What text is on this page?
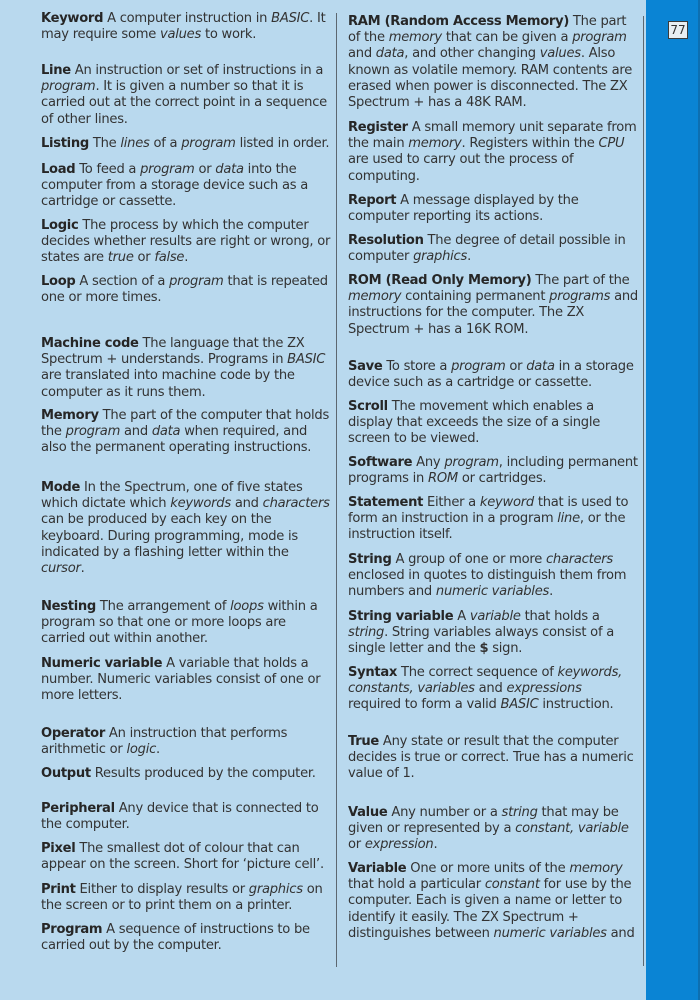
77

Keyword A computer instruction in BASIC. It may require some values to work.

Line An instruction or set of instructions in a program. It is given a number so that it is carried out at the correct point in a sequence of other lines.

Listing The lines of a program listed in order.

Load To feed a program or data into the computer from a storage device such as a cartridge or cassette.

Logic The process by which the computer decides whether results are right or wrong, or states are true or false.

Loop A section of a program that is repeated one or more times.

Machine code The language that the ZX Spectrum + understands. Programs in BASIC are translated into machine code by the computer as it runs them.

Memory The part of the computer that holds the program and data when required, and also the permanent operating instructions.

Mode In the Spectrum, one of five states which dictate which keywords and characters can be produced by each key on the keyboard. During programming, mode is indicated by a flashing letter within the cursor.

Nesting The arrangement of loops within a program so that one or more loops are carried out within another.

Numeric variable A variable that holds a number. Numeric variables consist of one or more letters.

Operator An instruction that performs arithmetic or logic.

Output Results produced by the computer.

Peripheral Any device that is connected to the computer.

Pixel The smallest dot of colour that can appear on the screen. Short for ‘picture cell’.

Print Either to display results or graphics on the screen or to print them on a printer.

Program A sequence of instructions to be carried out by the computer.

RAM (Random Access Memory) The part of the memory that can be given a program and data, and other changing values. Also known as volatile memory. RAM contents are erased when power is disconnected. The ZX Spectrum + has a 48K RAM.

Register A small memory unit separate from the main memory. Registers within the CPU are used to carry out the process of computing.

Report A message displayed by the computer reporting its actions.

Resolution The degree of detail possible in computer graphics.

ROM (Read Only Memory) The part of the memory containing permanent programs and instructions for the computer. The ZX Spectrum + has a 16K ROM.

Save To store a program or data in a storage device such as a cartridge or cassette.

Scroll The movement which enables a display that exceeds the size of a single screen to be viewed.

Software Any program, including permanent programs in ROM or cartridges.

Statement Either a keyword that is used to form an instruction in a program line, or the instruction itself.

String A group of one or more characters enclosed in quotes to distinguish them from numbers and numeric variables.

String variable A variable that holds a string. String variables always consist of a single letter and the $ sign.

Syntax The correct sequence of keywords, constants, variables and expressions required to form a valid BASIC instruction.

True Any state or result that the computer decides is true or correct. True has a numeric value of 1.

Value Any number or a string that may be given or represented by a constant, variable or expression.

Variable One or more units of the memory that hold a particular constant for use by the computer. Each is given a name or letter to identify it easily. The ZX Spectrum + distinguishes between numeric variables and
